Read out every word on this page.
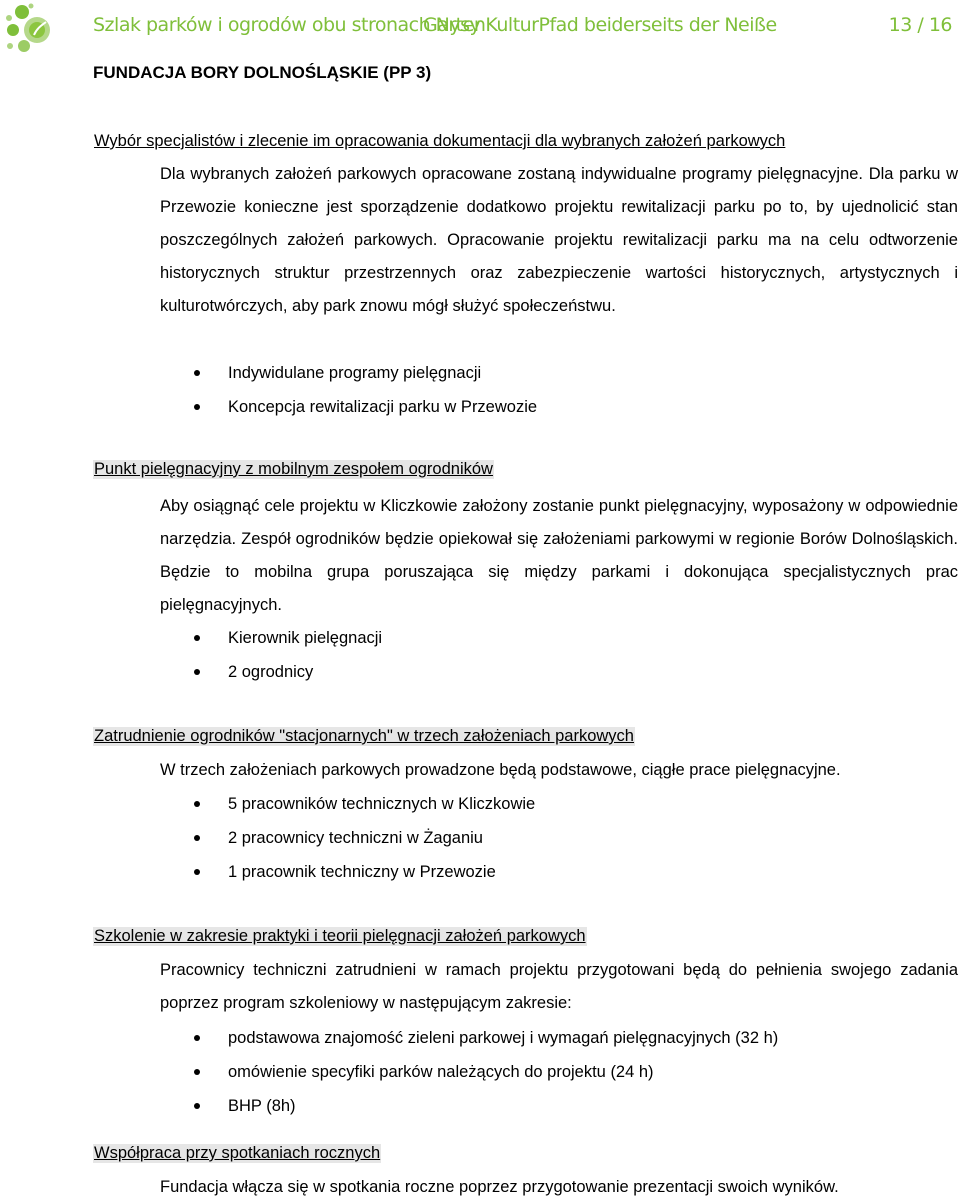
Szlak parków i ogrodów obu stronach Nysy
GartenKulturPfad beiderseits der Neiße	13 / 16
FUNDACJA BORY DOLNOŚLĄSKIE (PP 3)
Wybór specjalistów i zlecenie im opracowania dokumentacji dla wybranych założeń parkowych
Dla wybranych założeń parkowych opracowane zostaną indywidualne programy pielęgnacyjne. Dla parku w Przewozie konieczne jest sporządzenie dodatkowo projektu rewitalizacji parku po to, by ujednolicić stan poszczególnych założeń parkowych. Opracowanie projektu rewitalizacji parku ma na celu odtworzenie historycznych struktur przestrzennych oraz zabezpieczenie wartości historycznych, artystycznych i kulturotwórczych, aby park znowu mógł służyć społeczeństwu.
Indywidulane programy pielęgnacji
Koncepcja rewitalizacji parku w Przewozie
Punkt pielęgnacyjny z mobilnym zespołem ogrodników
Aby osiągnąć cele projektu w Kliczkowie założony zostanie punkt pielęgnacyjny, wyposażony w odpowiednie narzędzia. Zespół ogrodników będzie opiekował się założeniami parkowymi w regionie Borów Dolnośląskich. Będzie to mobilna grupa poruszająca się między parkami i dokonująca specjalistycznych prac pielęgnacyjnych.
Kierownik pielęgnacji
2 ogrodnicy
Zatrudnienie ogrodników "stacjonarnych" w trzech założeniach parkowych
W trzech założeniach parkowych prowadzone będą podstawowe, ciągłe prace pielęgnacyjne.
5 pracowników technicznych w Kliczkowie
2 pracownicy techniczni w Żaganiu
1 pracownik techniczny w Przewozie
Szkolenie w zakresie praktyki i teorii pielęgnacji założeń parkowych
Pracownicy techniczni zatrudnieni w ramach projektu przygotowani będą do pełnienia swojego zadania poprzez program szkoleniowy w następującym zakresie:
podstawowa znajomość zieleni parkowej i wymagań pielęgnacyjnych (32 h)
omówienie specyfiki parków należących do projektu (24 h)
BHP (8h)
Współpraca przy spotkaniach rocznych
Fundacja włącza się w spotkania roczne poprzez przygotowanie prezentacji swoich wyników.
